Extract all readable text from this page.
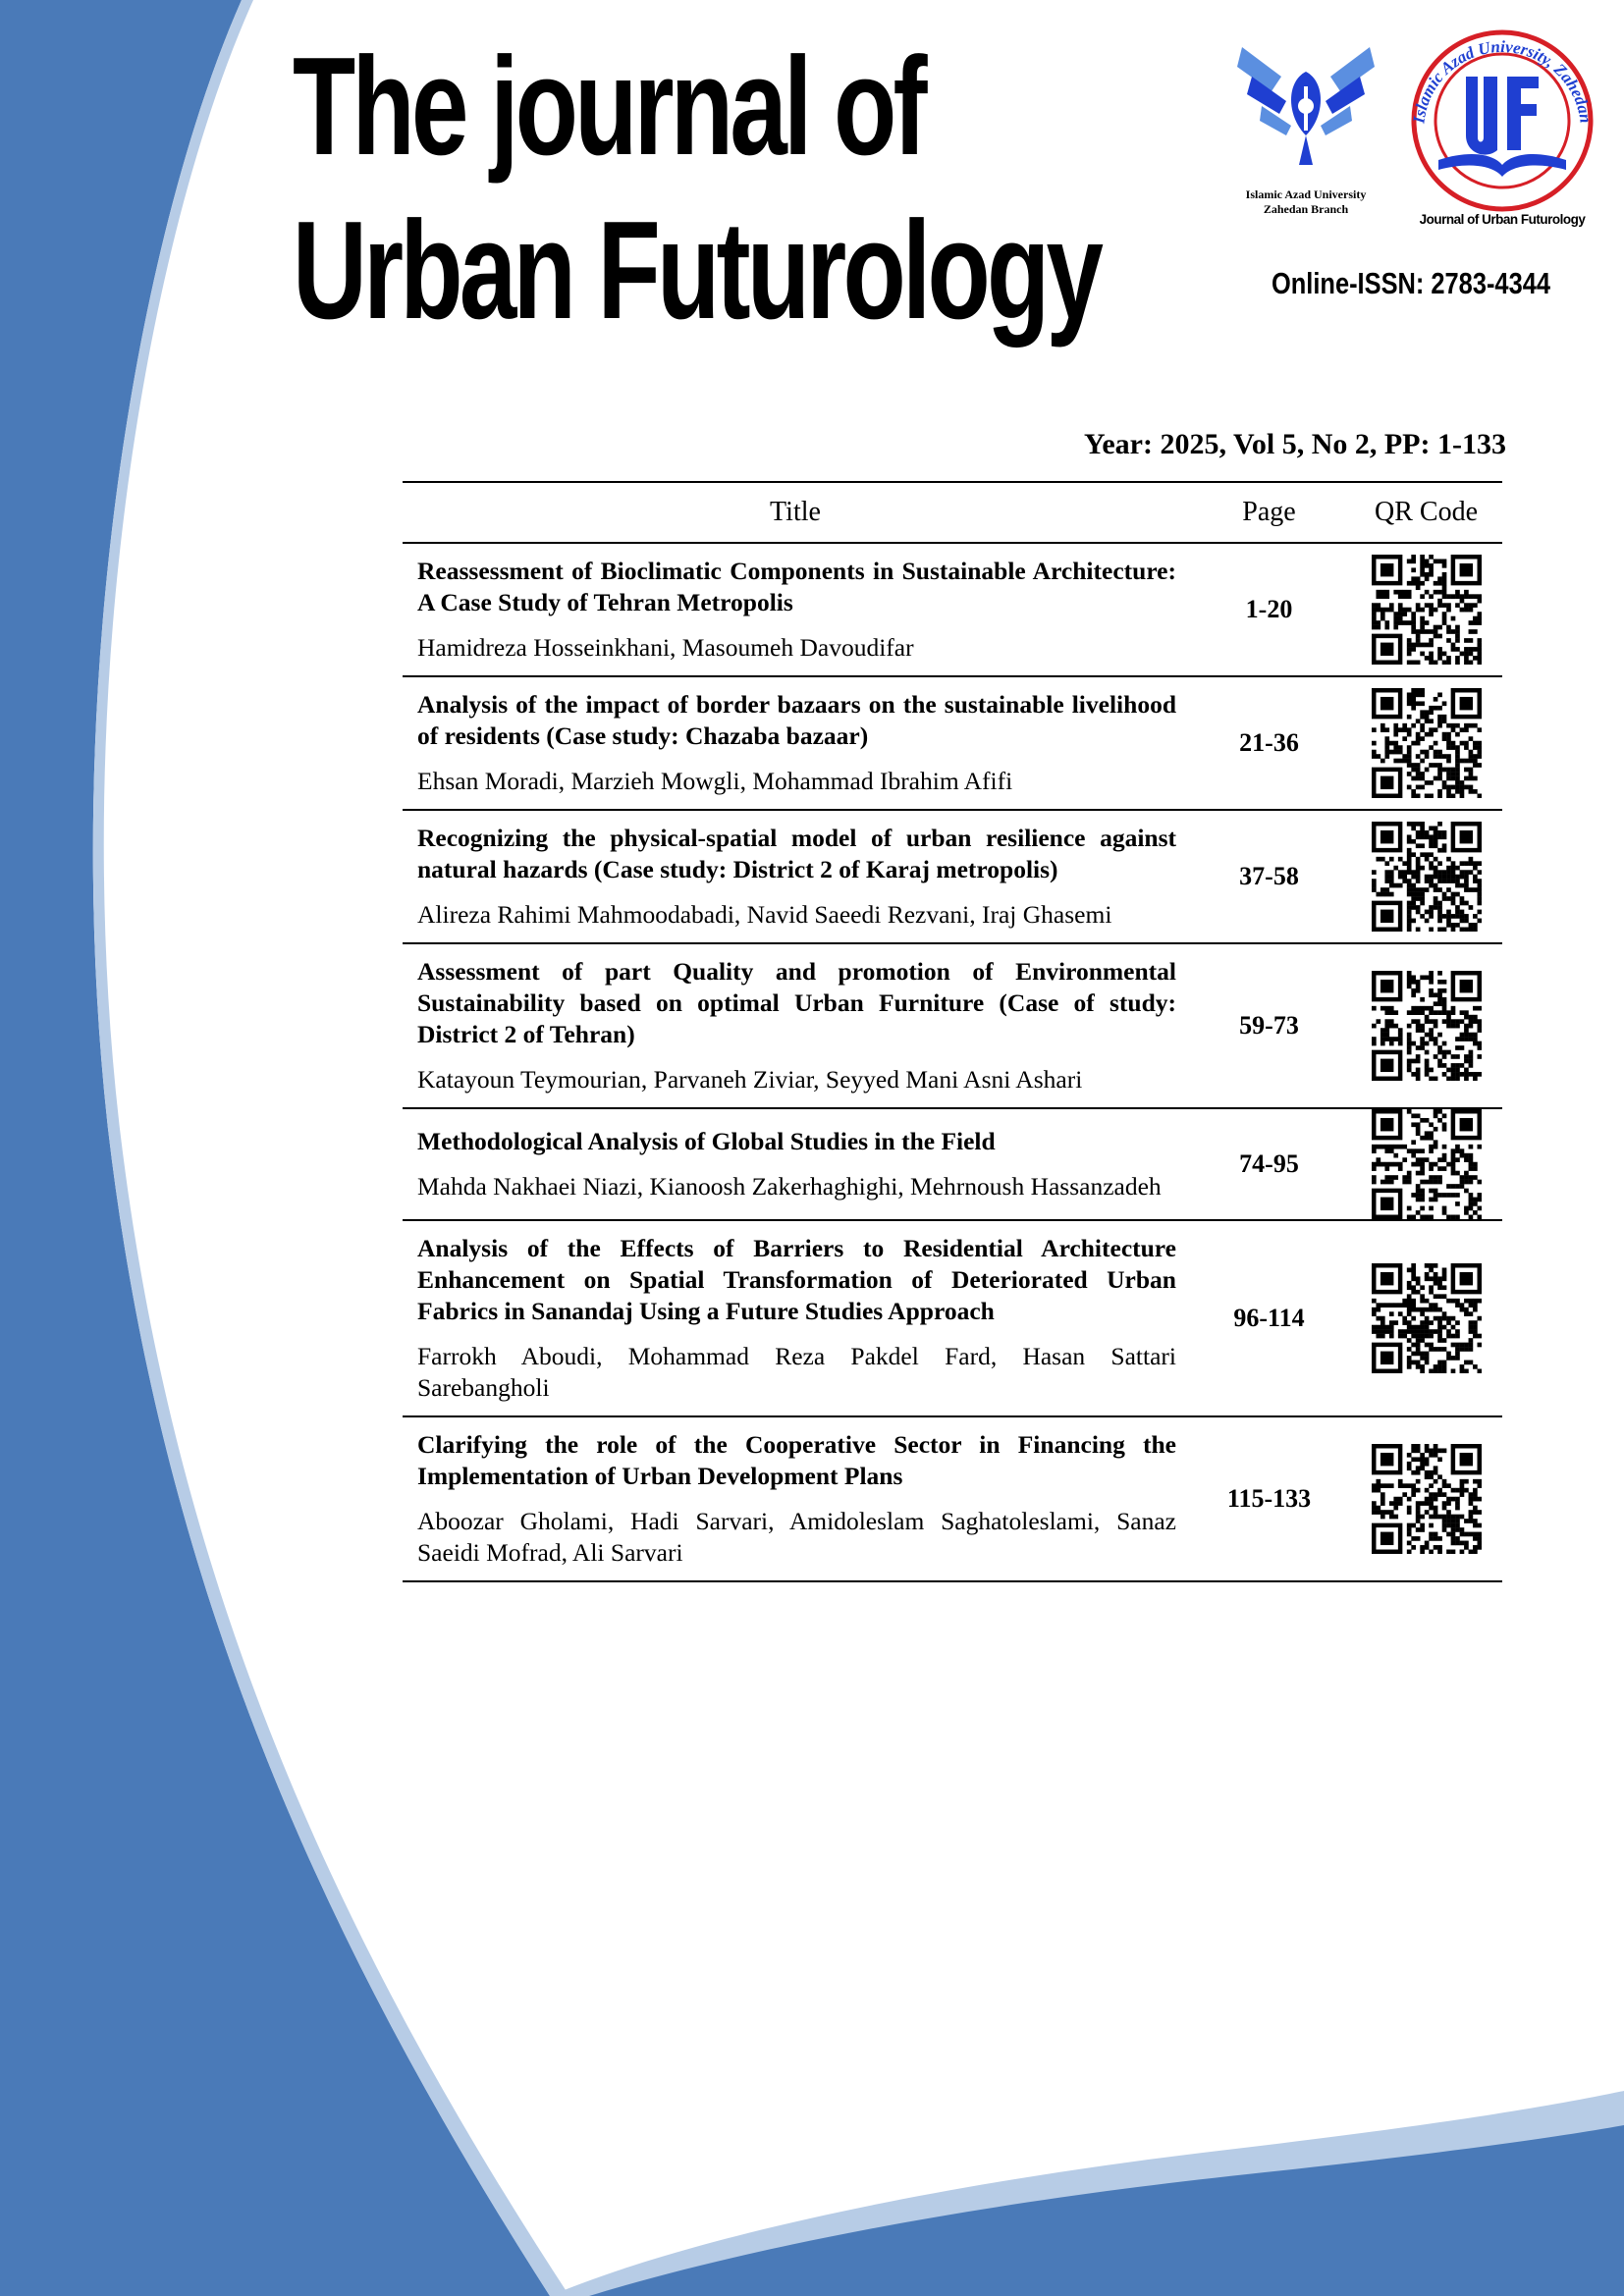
The journal of
Urban Futurology	Islamic Azad University
Zahedan Branch
Islamic Azad University, Zahedan
Journal of Urban Futurology
Online-ISSN: 2783-4344
Year: 2025, Vol 5, No 2, PP: 1-133
Title	Page	QR Code

Reassessment of Bioclimatic Components in Sustainable Architecture: A Case Study of Tehran Metropolis
Hamidreza Hosseinkhani, Masoumeh Davoudifar	1-20	

Analysis of the impact of border bazaars on the sustainable livelihood of residents (Case study: Chazaba bazaar)
Ehsan Moradi, Marzieh Mowgli, Mohammad Ibrahim Afifi	21-36	

Recognizing the physical-spatial model of urban resilience against natural hazards (Case study: District 2 of Karaj metropolis)
Alireza Rahimi Mahmoodabadi, Navid Saeedi Rezvani, Iraj Ghasemi	37-58	

Assessment of part Quality and promotion of Environmental Sustainability based on optimal Urban Furniture (Case of study: District 2 of Tehran)
Katayoun Teymourian, Parvaneh Ziviar, Seyyed Mani Asni Ashari	59-73	

Methodological Analysis of Global Studies in the Field
Mahda Nakhaei Niazi, Kianoosh Zakerhaghighi, Mehrnoush Hassanzadeh	74-95	

Analysis of the Effects of Barriers to Residential Architecture Enhancement on Spatial Transformation of Deteriorated Urban Fabrics in Sanandaj Using a Future Studies Approach
Farrokh Aboudi, Mohammad Reza Pakdel Fard, Hasan Sattari Sarebangholi	96-114	

Clarifying the role of the Cooperative Sector in Financing the Implementation of Urban Development Plans
Aboozar Gholami, Hadi Sarvari, Amidoleslam Saghatoleslami, Sanaz Saeidi Mofrad, Ali Sarvari	115-133	
